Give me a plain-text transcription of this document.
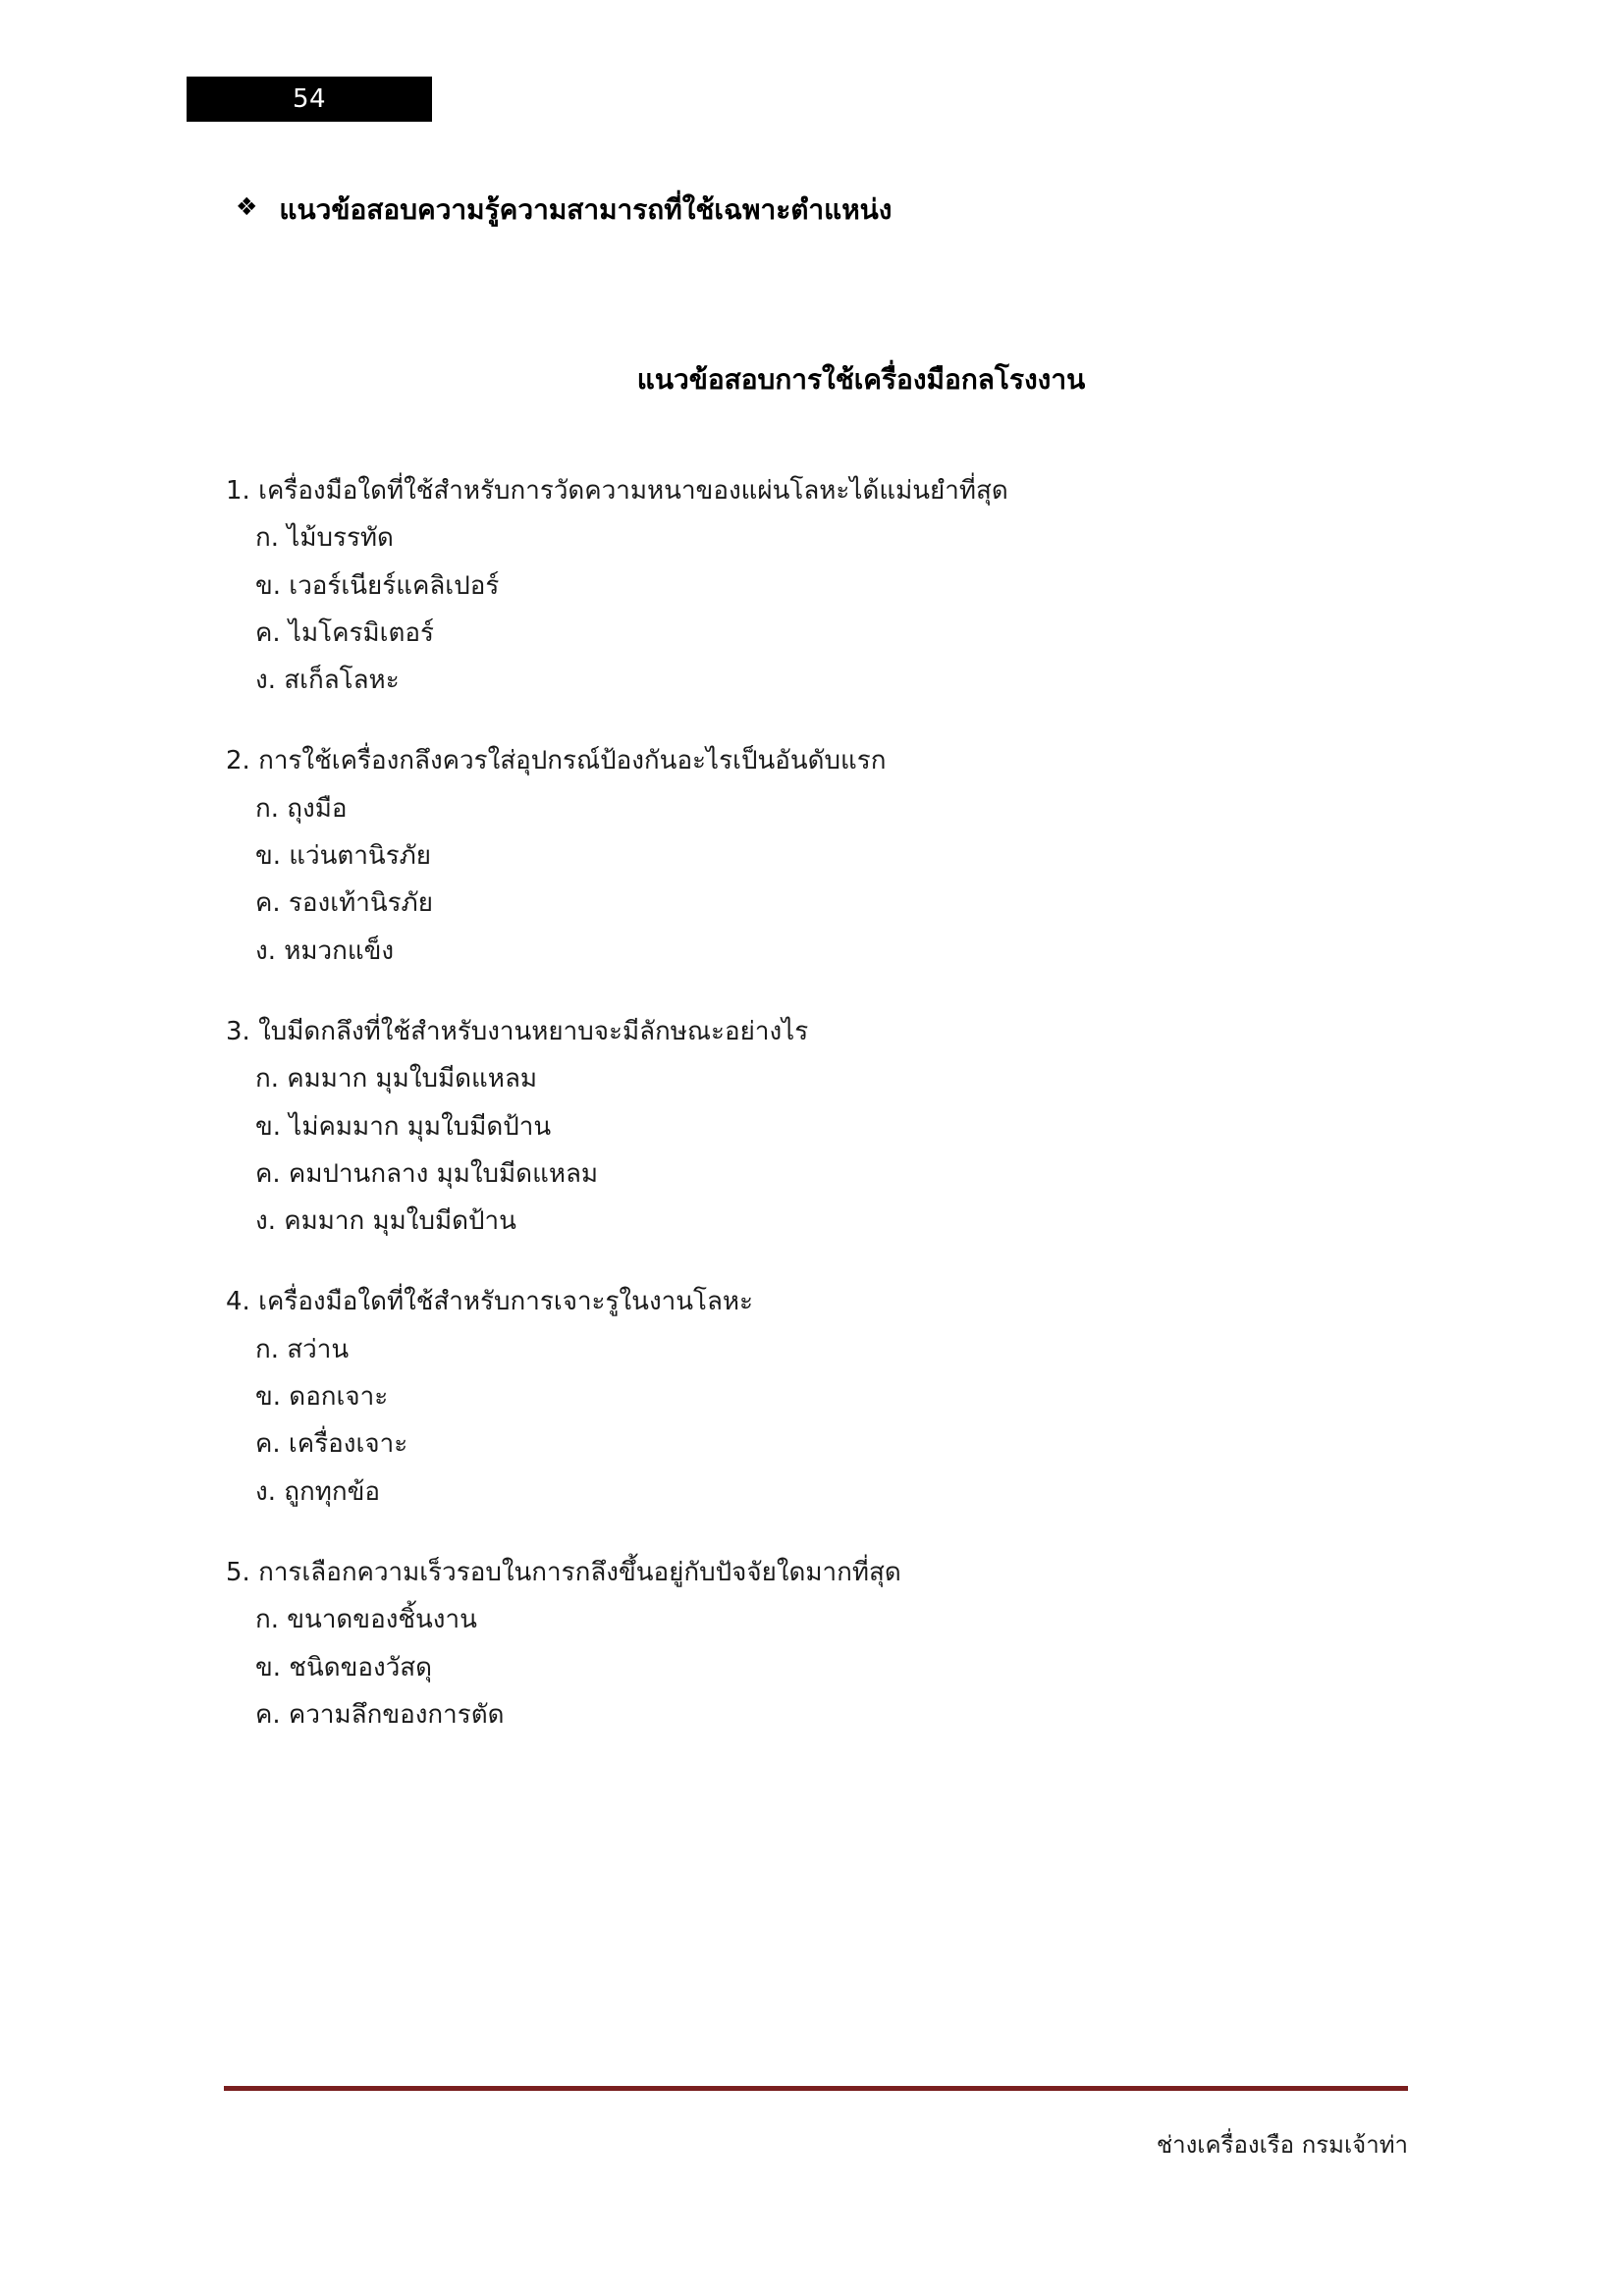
54
❖ แนวข้อสอบความรู้ความสามารถที่ใช้เฉพาะตำแหน่ง
แนวข้อสอบการใช้เครื่องมือกลโรงงาน
1. เครื่องมือใดที่ใช้สำหรับการวัดความหนาของแผ่นโลหะได้แม่นยำที่สุด
ก. ไม้บรรทัด
ข. เวอร์เนียร์แคลิเปอร์
ค. ไมโครมิเตอร์
ง. สเก็ลโลหะ
2. การใช้เครื่องกลึงควรใส่อุปกรณ์ป้องกันอะไรเป็นอันดับแรก
ก. ถุงมือ
ข. แว่นตานิรภัย
ค. รองเท้านิรภัย
ง. หมวกแข็ง
3. ใบมีดกลึงที่ใช้สำหรับงานหยาบจะมีลักษณะอย่างไร
ก. คมมาก มุมใบมีดแหลม
ข. ไม่คมมาก มุมใบมีดป้าน
ค. คมปานกลาง มุมใบมีดแหลม
ง. คมมาก มุมใบมีดป้าน
4. เครื่องมือใดที่ใช้สำหรับการเจาะรูในงานโลหะ
ก. สว่าน
ข. ดอกเจาะ
ค. เครื่องเจาะ
ง. ถูกทุกข้อ
5. การเลือกความเร็วรอบในการกลึงขึ้นอยู่กับปัจจัยใดมากที่สุด
ก. ขนาดของชิ้นงาน
ข. ชนิดของวัสดุ
ค. ความลึกของการตัด
ช่างเครื่องเรือ กรมเจ้าท่า
